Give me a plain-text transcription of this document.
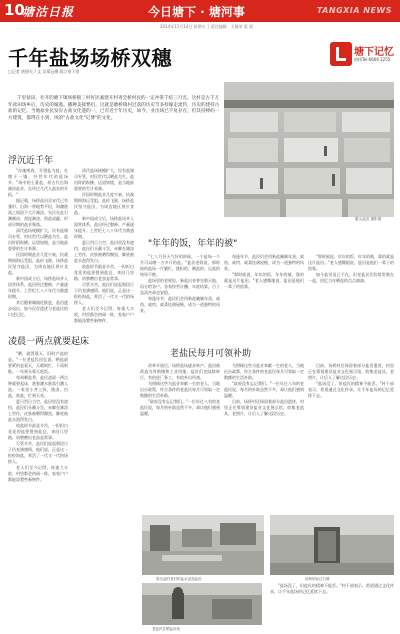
10
塘沽日报	今日塘下 · 塘河事	TANGXIA NEWS
2014年11月14日 星期五 │ 责任编辑：王佩荣 版 面
千年盐场场桥双穗
□记者 黄照夫 / 文 吴郑冠摄 陈立豪 / 图
塘下记忆
热线Tel:6606 1255
千里盐田，壮开的塘下镇场桥街三村好民素建开村寄会桥村民约一定冲茶千结三月光。这村是古千万年盐田场乡后，历史的嫁逃、播种美接繁衍，这就是塘桥镇村过落的历史节多样嫁走流传，历史的建持古盐的记忆。当地盐业民发有古盐文化遗的一，已有近于年历史，如今，业出场已不复存在，但其持棒的一方建筑，都得在小到，风的"古盐文化"记博"的文化。
鳌头盐田 摄影图
浮沉近千年

"沙地唤春，开建盐为盐，在塘下一镇，经营年代的盐场乡，"场中的土著盐，原古代沿海滩涂盐业，在经过几代人盐农的开拓。"

据记载，场桥盐田至宋代已有雏形。沿海一带地势平坦，海潮涨落之间留下大片滩涂。先民在此引潮制卤、刮泥淋卤、煎盐成鹾，形成早期的盐业聚落。

清代盐场规模扩大，设有盐课司专管，村民世代以晒盐为生。盐田阡陌纵横，远望如镜，是当地最重要的生计来源。

民国时期盐业几度兴衰，抗战期间海运受阻，盐价飞涨，场桥盐民坚守盐田，为周边地区供应食盐。

新中国成立后，场桥盐场并入国营体系，盐田经过整修，产量逐年提升。上世纪七八十年代为鼎盛时期。

其后随着城镇化推进，盐田逐步退出，如今仅存遗迹与老盐民的口述记忆。

凌晨一两点就要起床

"晒，就得靠天，旧时产盐的是。"一位老盐民回忆说，晒盐最要紧的是看天，天晴则忙，下雨则歇，一年到头靠天吃饭。

每到晒盐季，盐民凌晨一两点钟就要起床，趁着潮水涨落引潮入池。一家老小齐上阵，挑卤、扫盐、收盐，忙到天亮。

夏日烈日当空，盐田里没有遮挡，盐民们头戴斗笠，赤脚在滩涂上劳作，皮肤被晒得黝黑，脚底被盐水泡得发白。

收盐时节最是辛苦，一担担白花花的盐要挑到盐仓，来回几里路，肩膀磨出老茧是常事。

尽管辛苦，盐民们说起那段日子仍充满感情。他们说，正是这一粒粒海盐，养活了一代又一代的场桥人。

老人们至今记得，每逢大丰收，村里都会热闹一阵，家家户户都能添置些新物件。

清代盐场规模扩大，设有盐课司专管，村民世代以晒盐为生。盐田阡陌纵横，远望如镜，是当地最重要的生计来源。

民国时期盐业几度兴衰，抗战期间海运受阻，盐价飞涨，场桥盐民坚守盐田，为周边地区供应食盐。

新中国成立后，场桥盐场并入国营体系，盐田经过整修，产量逐年提升。上世纪七八十年代为鼎盛时期。

夏日烈日当空，盐田里没有遮挡，盐民们头戴斗笠，赤脚在滩涂上劳作，皮肤被晒得黝黑，脚底被盐水泡得发白。

收盐时节最是辛苦，一担担白花花的盐要挑到盐仓，来回几里路，肩膀磨出老茧是常事。

尽管辛苦，盐民们说起那段日子仍充满感情。他们说，正是这一粒粒海盐，养活了一代又一代的场桥人。

老人们至今记得，每逢大丰收，村里都会热闹一阵，家家户户都能添置些新物件。

"年年的饭，年年的被"

"七八月份天气好的时候，一个盐场一个月可以晒一万多斤的盐。"盐民老陈说，那时候的盐场一片繁忙，挑担的、晒盐的、运盐的络绎不绝。

盐场里的老规矩，新盐出来要先敬天地，再分给各户。各家按劳计酬，年底结算，日子虽清苦却也安稳。

每逢年节，盐民们会用新盐腌制年货，咸鱼、咸肉、咸菜挂满屋檐，成为一道独特的风景。

每逢年节，盐民们会用新盐腌制年货，咸鱼、咸肉、咸菜挂满屋檐，成为一道独特的风景。

"那时候说，年年的饭，年年的被，靠的就是这片盐田。"老人感慨地说，盐田是他们一辈子的依靠。

"那时候说，年年的饭，年年的被，靠的就是这片盐田。"老人感慨地说，盐田是他们一辈子的依靠。

如今盐田虽已不在，但老盐民们仍常常聚在一起，回忆当年晒盐的点点滴滴。

老盐民每月可领补助

改革开放后，场桥盐场逐步转产。盐田被改造为养殖塘和工业用地，盐民们也陆续转行，有的进厂务工，有的外出经商。

为照顾这些为盐业奉献一生的老人，当地出台政策，符合条件的老盐民每月可领取一定数额的生活补助。

"政府没有忘记我们。"一位年过八旬的老盐民说，每月的补助虽然不多，却让他们感到温暖。

为照顾这些为盐业奉献一生的老人，当地出台政策，符合条件的老盐民每月可领取一定数额的生活补助。

"政府没有忘记我们。"一位年过八旬的老盐民说，每月的补助虽然不多，却让他们感到温暖。

目前，场桥村还保留着部分盐田遗迹，村里正在筹划建设盐业文化展示馆，收集老盐具、老照片，让后人了解这段历史。

目前，场桥村还保留着部分盐田遗迹，村里正在筹划建设盐业文化展示馆，收集老盐具、老照片，让后人了解这段历史。

"盐场没了，但盐民的精神不能丢。"村干部表示，希望通过文化传承，让千年盐场的记忆延续下去。

曾出盐的老旧的盐水浸泡盐田	场桥的标注石碑
老盐民在晒盐场里

"盐场没了，但盐民的精神不能丢。"村干部表示，希望通过文化传承，让千年盐场的记忆延续下去。
